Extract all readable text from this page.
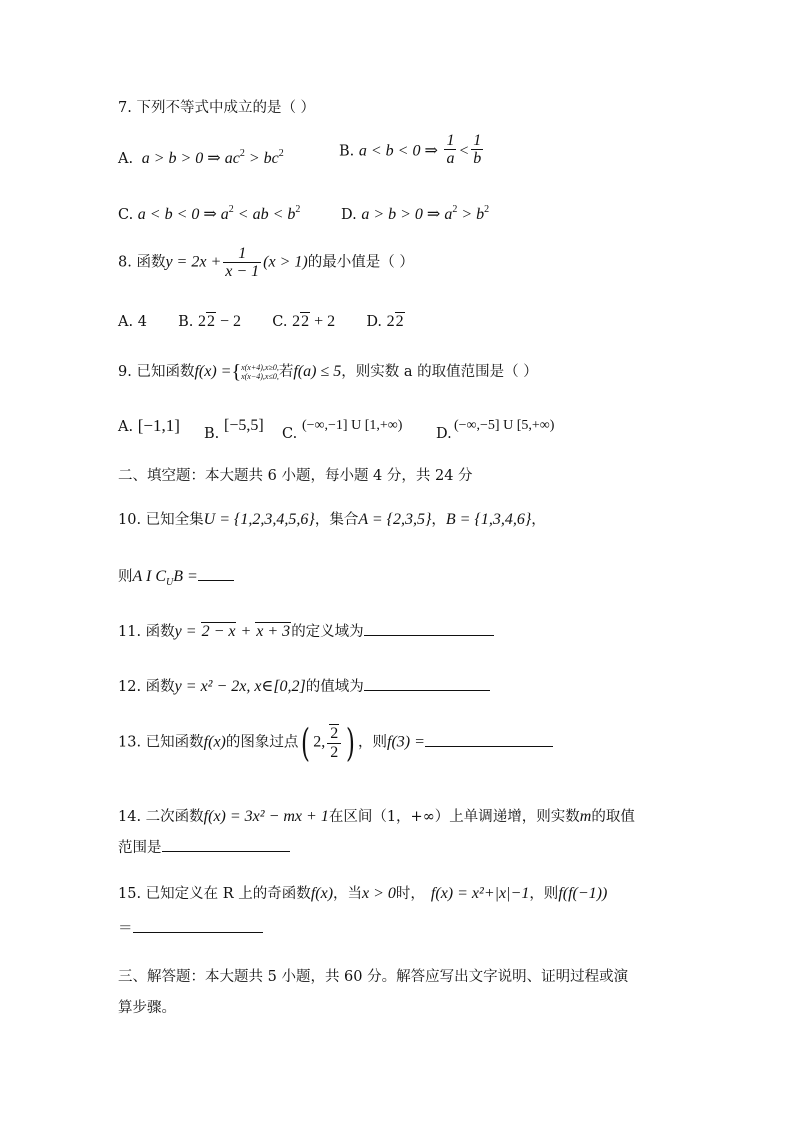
7. 下列不等式中成立的是（ ）
A.  a > b > 0 ⇒ $ac^2 > bc^2$	B. a < b < 0 ⇒ $\frac{1}{a} < \frac{1}{b}$
C. a < b < 0 ⇒ $a^2$ < ab < $b^2$	D. a > b > 0 ⇒ $a^2 > b^2$
8. 函数$y = 2x + \frac{1}{x - 1} (x > 1)$的最小值是（ ）
A. 4 B. 22 − 2 C. 22 + 2 D. 22
9. 已知函数f(x) ={x(x+4),x≥0,
x(x−4),x≤0,若f(a) ≤ 5，则实数 a 的取值范围是（ ）
A. [−1,1] B. [−5,5] C.
(−∞,−1] U [1,+∞)
D.
(−∞,−5] U [5,+∞)
二、填空题：本大题共 6 小题，每小题 4 分，共 24 分
10. 已知全集U = {1,2,3,4,5,6}，集合A = {2,3,5}，B = {1,3,4,6}，
则A I $C_UB$ =
11. 函数y = 2 − x + x + 3的定义域为
12. 函数y = x² − 2x, x∈[0,2]的值域为
13. 已知函数f(x)的图象过点( 2, $\frac{2}{2}$ ) ，则f(3) =
14. 二次函数f(x) = 3x² − mx + 1在区间（1，+∞）上单调递增，则实数m的取值
范围是
15. 已知定义在 R 上的奇函数f(x)，当x > 0时， f(x) = x²+|x|−1，则f(f(−1))
＝
三、解答题：本大题共 5 小题，共 60 分。解答应写出文字说明、证明过程或演
算步骤。
